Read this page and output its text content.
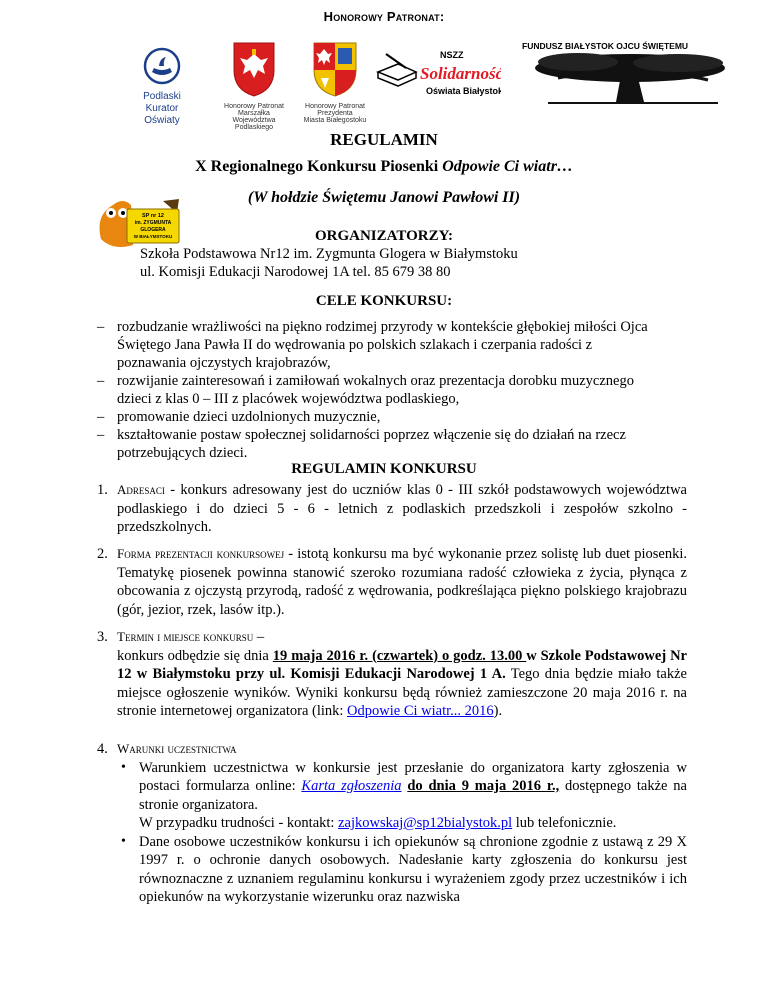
Honorowy Patronat:
Podlaski Kurator
Oświaty
Honorowy Patronat
Marszałka
Województwa Podlaskiego
Honorowy Patronat
Prezydenta
Miasta Białegostoku
NSZZ
Solidarność
Oświata Białystok
FUNDUSZ BIAŁYSTOK OJCU ŚWIĘTEMU
SP nr 12
im. ZYGMUNTA
GLOGERA
W BIAŁYMSTOKU
REGULAMIN
X Regionalnego Konkursu Piosenki Odpowie Ci wiatr…
(W hołdzie Świętemu Janowi Pawłowi II)
ORGANIZATORZY:
Szkoła Podstawowa Nr12 im. Zygmunta Glogera w Białymstoku
ul. Komisji Edukacji Narodowej 1A tel. 85 679 38 80
CELE KONKURSU:
– rozbudzanie wrażliwości na piękno rodzimej przyrody w kontekście głębokiej miłości Ojca Świętego Jana Pawła II do wędrowania po polskich szlakach i czerpania radości z poznawania ojczystych krajobrazów,
– rozwijanie zainteresowań i zamiłowań wokalnych oraz prezentacja dorobku muzycznego dzieci z klas 0 – III z placówek województwa podlaskiego,
– promowanie dzieci uzdolnionych muzycznie,
– kształtowanie postaw społecznej solidarności poprzez włączenie się do działań na rzecz potrzebujących dzieci.
REGULAMIN KONKURSU
1. Adresaci - konkurs adresowany jest do uczniów klas 0 - III szkół podstawowych województwa podlaskiego i do dzieci 5 - 6 - letnich z podlaskich przedszkoli i zespołów szkolno - przedszkolnych.
2. Forma prezentacji konkursowej - istotą konkursu ma być wykonanie przez solistę lub duet piosenki. Tematykę piosenek powinna stanowić szeroko rozumiana radość człowieka z życia, płynąca z obcowania z ojczystą przyrodą, radość z wędrowania, podkreślająca piękno polskiego krajobrazu (gór, jezior, rzek, lasów itp.).
3. Termin i miejsce konkursu –
konkurs odbędzie się dnia 19 maja 2016 r. (czwartek) o godz. 13.00 w Szkole Podstawowej Nr 12 w Białymstoku przy ul. Komisji Edukacji Narodowej 1 A. Tego dnia będzie miało także miejsce ogłoszenie wyników. Wyniki konkursu będą również zamieszczone 20 maja 2016 r. na stronie internetowej organizatora (link: Odpowie Ci wiatr... 2016).
4. Warunki uczestnictwa
• Warunkiem uczestnictwa w konkursie jest przesłanie do organizatora karty zgłoszenia w postaci formularza online: Karta zgłoszenia do dnia 9 maja 2016 r., dostępnego także na stronie organizatora.
W przypadku trudności - kontakt: zajkowskaj@sp12bialystok.pl lub telefonicznie.
• Dane osobowe uczestników konkursu i ich opiekunów są chronione zgodnie z ustawą z 29 X 1997 r. o ochronie danych osobowych. Nadesłanie karty zgłoszenia do konkursu jest równoznaczne z uznaniem regulaminu konkursu i wyrażeniem zgody przez uczestników i ich opiekunów na wykorzystanie wizerunku oraz nazwiska
